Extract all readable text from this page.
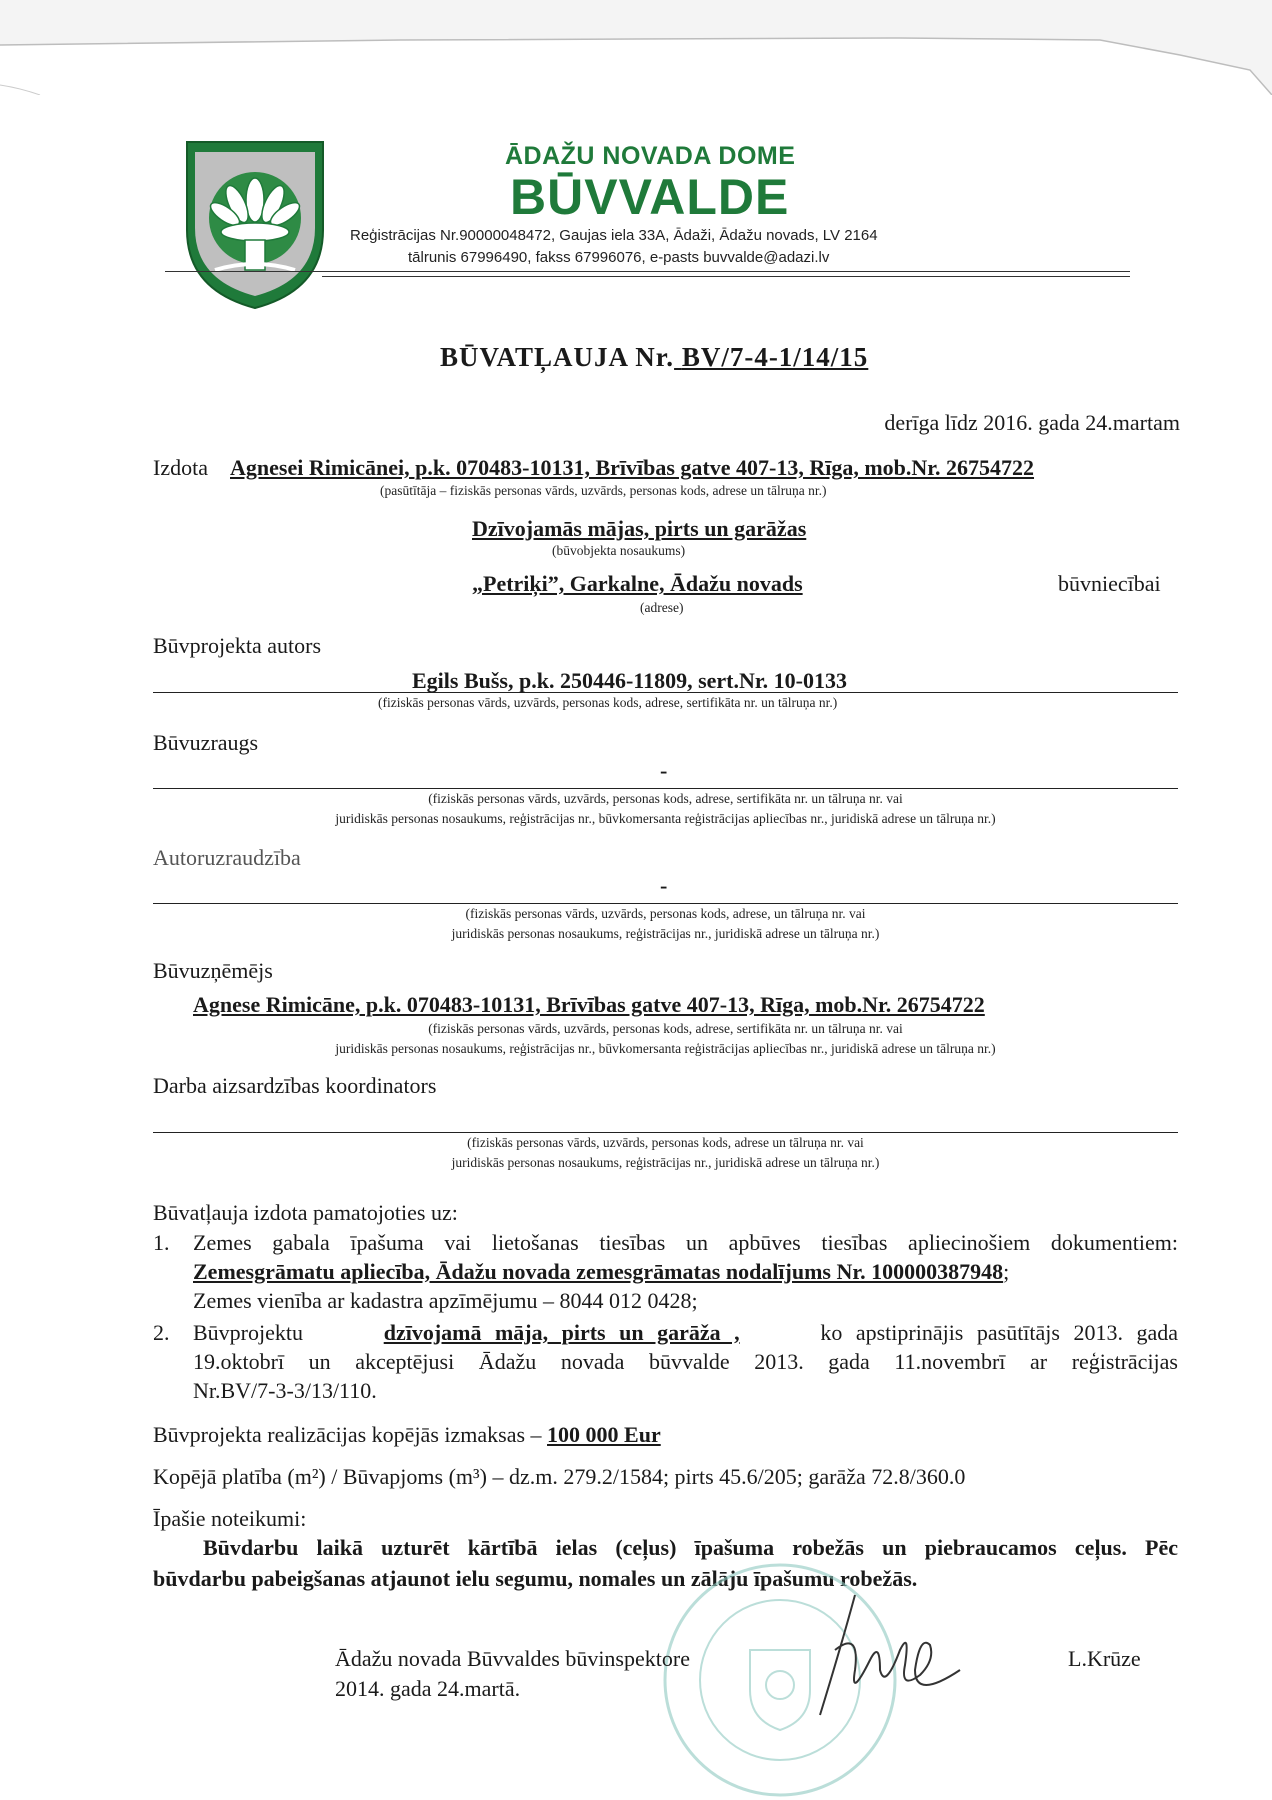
ĀDAŽU NOVADA DOME
BŪVVALDE
Reģistrācijas Nr.90000048472, Gaujas iela 33A, Ādaži, Ādažu novads, LV 2164
tālrunis 67996490, fakss 67996076, e-pasts buvvalde@adazi.lv
BŪVATĻAUJA Nr. BV/7-4-1/14/15
derīga līdz 2016. gada 24.martam
Izdota Agnesei Rimicānei, p.k. 070483-10131, Brīvības gatve 407-13, Rīga, mob.Nr. 26754722
(pasūtītāja – fiziskās personas vārds, uzvārds, personas kods, adrese un tālruņa nr.)
Dzīvojamās mājas, pirts un garāžas
(būvobjekta nosaukums)
„Petriķi”, Garkalne, Ādažu novads
(adrese)
būvniecībai
Būvprojekta autors
Egils Bušs, p.k. 250446-11809, sert.Nr. 10-0133
(fiziskās personas vārds, uzvārds, personas kods, adrese, sertifikāta nr. un tālruņa nr.)
Būvuzraugs
-
(fiziskās personas vārds, uzvārds, personas kods, adrese, sertifikāta nr. un tālruņa nr. vai
juridiskās personas nosaukums, reģistrācijas nr., būvkomersanta reģistrācijas apliecības nr., juridiskā adrese un tālruņa nr.)
Autoruzraudzība
-
(fiziskās personas vārds, uzvārds, personas kods, adrese, un tālruņa nr. vai
juridiskās personas nosaukums, reģistrācijas nr., juridiskā adrese un tālruņa nr.)
Būvuzņēmējs
Agnese Rimicāne, p.k. 070483-10131, Brīvības gatve 407-13, Rīga, mob.Nr. 26754722
(fiziskās personas vārds, uzvārds, personas kods, adrese, sertifikāta nr. un tālruņa nr. vai
juridiskās personas nosaukums, reģistrācijas nr., būvkomersanta reģistrācijas apliecības nr., juridiskā adrese un tālruņa nr.)
Darba aizsardzības koordinators
(fiziskās personas vārds, uzvārds, personas kods, adrese un tālruņa nr. vai
juridiskās personas nosaukums, reģistrācijas nr., juridiskā adrese un tālruņa nr.)
Būvatļauja izdota pamatojoties uz:
1. Zemes gabala īpašuma vai lietošanas tiesības un apbūves tiesības apliecinošiem dokumentiem:
Zemesgrāmatu apliecība, Ādažu novada zemesgrāmatas nodalījums Nr. 100000387948;
Zemes vienība ar kadastra apzīmējumu – 8044 012 0428;
2. Būvprojektu	dzīvojamā māja, pirts un garāža ,	ko apstiprinājis pasūtītājs 2013. gada
19.oktobrī un akceptējusi Ādažu novada būvvalde 2013. gada 11.novembrī ar reģistrācijas
Nr.BV/7-3-3/13/110.
Būvprojekta realizācijas kopējās izmaksas – 100 000 Eur
Kopējā platība (m²) / Būvapjoms (m³) – dz.m. 279.2/1584; pirts 45.6/205; garāža 72.8/360.0
Īpašie noteikumi:
Būvdarbu laikā uzturēt kārtībā ielas (ceļus) īpašuma robežās un piebraucamos ceļus. Pēc
būvdarbu pabeigšanas atjaunot ielu segumu, nomales un zālāju īpašumu robežās.
Ādažu novada Būvvaldes būvinspektore
2014. gada 24.martā.
L.Krūze
